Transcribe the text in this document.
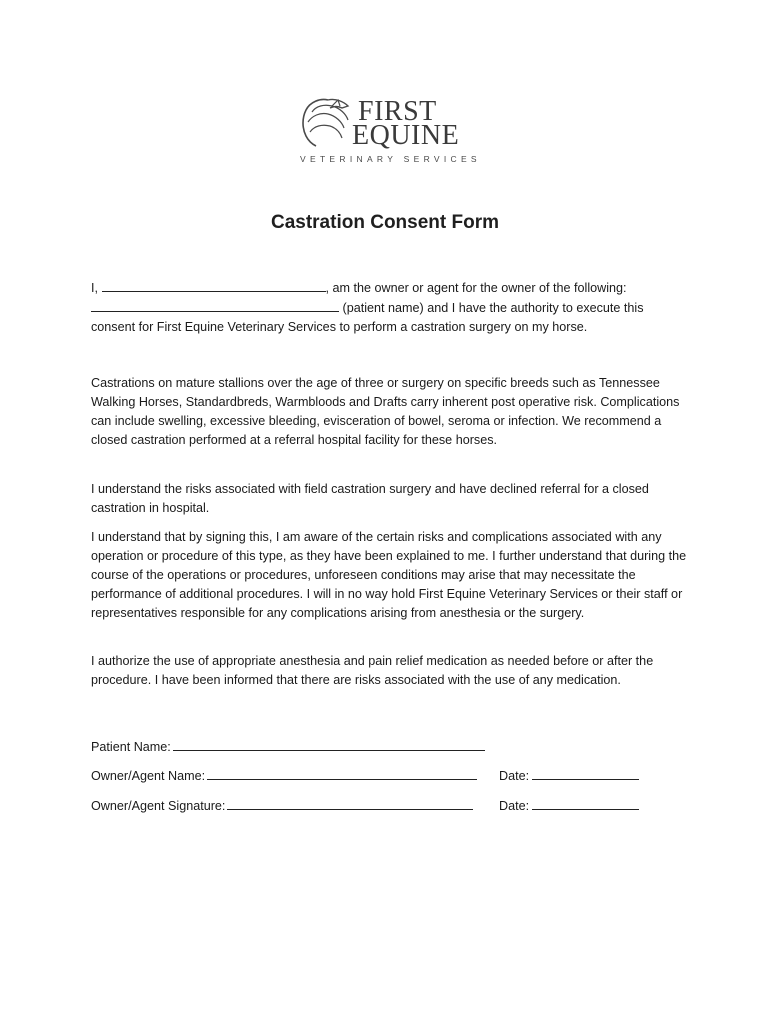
FIRST
EQUINE
VETERINARY SERVICES
Castration Consent Form

I,	, am the owner or agent for the owner of the following:
(patient name) and I have the authority to execute this
consent for First Equine Veterinary Services to perform a castration surgery on my horse.

Castrations on mature stallions over the age of three or surgery on specific breeds such as Tennessee Walking Horses, Standardbreds, Warmbloods and Drafts carry inherent post operative risk. Complications can include swelling, excessive bleeding, evisceration of bowel, seroma or infection. We recommend a closed castration performed at a referral hospital facility for these horses.

I understand the risks associated with field castration surgery and have declined referral for a closed castration in hospital.

I understand that by signing this, I am aware of the certain risks and complications associated with any operation or procedure of this type, as they have been explained to me. I further understand that during the course of the operations or procedures, unforeseen conditions may arise that may necessitate the performance of additional procedures. I will in no way hold First Equine Veterinary Services or their staff or representatives responsible for any complications arising from anesthesia or the surgery.

I authorize the use of appropriate anesthesia and pain relief medication as needed before or after the procedure. I have been informed that there are risks associated with the use of any medication.

Patient Name:
Owner/Agent Name:	Date:
Owner/Agent Signature:	Date:
